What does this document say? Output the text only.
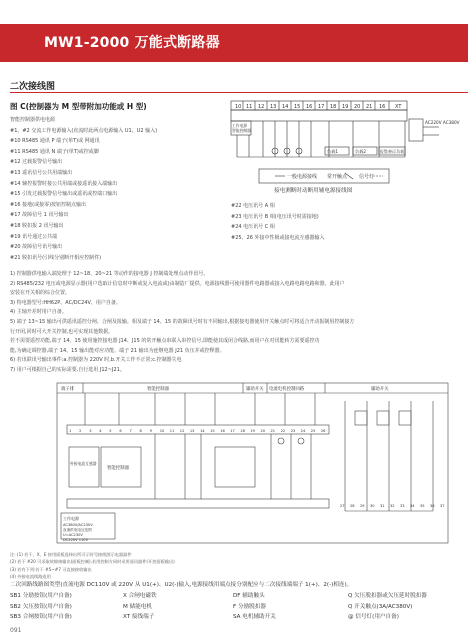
MW1-2000 万能式断路器
二次接线图
图 C(控制器为 M 型带附加功能或 H 型)
智能控制器供电电源
#1、#2 交流工作电源输入(直流时此两点电源输入 U1、U2 输入)
#10 RS485 通讯 P 端子(单T)或 网通讯
#11 RS485 通讯 N 端子(单T)或控或脚
#12 过载报警信号输出
#13 遥讯信号公共用端输出
#14 辅控报警时接公共用端或接遥讯接入端输出
#15 引发过载报警信号输出或遥讯或控端口输出
#16 接地(或接零)按钮控制点输出
#17 故障信号 1 讯号输出
#18 脱扣报 2 讯号输出
#19 讯号通过公共端
#20 故障信号讯号输出
#21 脱扣讯号(引线分别断开相应控制件)
10 11 12 13 14 15 16 17 18 19 20 21 16 XT
工作电源
智能控制器
AC220V AC380V
负载1	负载2	报警/指示负载
一般电源接线 常开触点 信号灯
接电测断时动断用辅电源接线图
#22 电压讯号 A 相
#23 电压讯号 B 相(电压讯号时需接地)
#24 电压讯号 C 相
#25、26 外接中性极或接电流互感器输入
1) 控制器供电输入端处理于 12~18、20~21 等动作的接电器 J 控制端处理点动作讯号。
2) RS485/232 电压或电源显示器(用户选取计信息时中断或复入电流或)由制造厂提供。电源接线器可使用器件电路器或接入电路电路电路和器。此用户
安装在开关相的综合位置。
3) 特电器型号:HH62P、AC/DC24V、用户自备。
4) 主轴开差时用户自备。
5) 端子 13~15 输出可供遥讯遥控分闸、合闸及报输。相及端子 14、15 的故障讯号时有不同输出,根据接电器使用开关触点时可将适合开动报制用控制接方
行开闭,同时可大开关控制,也可实现其他数据。
若不需要遥控功能,端子 14、15 使用施控接电器 J14、J15 的常开触点串联入串控信号,即能使其成闭合线路,而用户在对讯能转方需要遥控功
能,为确定调控器,端子 14、15 输出能对应功能。端子 21 输出为连继电器 J21 负压并或控释器。
6) 若讯联讯号输出事件:a.控制器为 220V 时,b.开关工作不正常;c.控制器失电
7) 用户可根据自己的实际需要,自行选用 J12~J21。
端子排	智能控制器	辅助开关 电流电机控制回路	辅助开关
智能控制器
外接电流互感器
工作电源
AC380V/AC230V
直流供电电压范围
U=AC230V
DC220V 110V
1 2 3 4 5 6 7 8 9 10 11 12 13 14 15 16 17 18 19 20 21 22 23 24 25 26
27 28 29 30 31 32 33 34 35 36 37
注: (1) 若干、X、E 按用面板选择出所可示符号接线图示电器器件
(2) 若干 #20 可采取故障接输出(面板控制),若用控制方同时采用遥讯器件(开控面板输出)
(3) 若有下列:若干 #5~#7 可直接接收输出
(4) 外接电流线路选用
二次回路线路图类型(直流电源 DC110V 或 220V 从 U1(+)、U2(-)输入,电源接线用端点接分别配应与二次接线端端子 1(+)、2(-)相连)。
SB1 分励按钮(用户自备)	X 合闸电磁铁	DF 辅助触头	Q 欠压脱扣器或欠压延时脱扣器
SB2 欠压按钮(用户自备)	M 储能电机	F 分励脱扣器	Q 开关触点(3A/AC380V)
SB3 合闸按钮(用户自备)	XT 接线端子	SA 电机辅助开关	@ 信号灯(用户自备)
091
